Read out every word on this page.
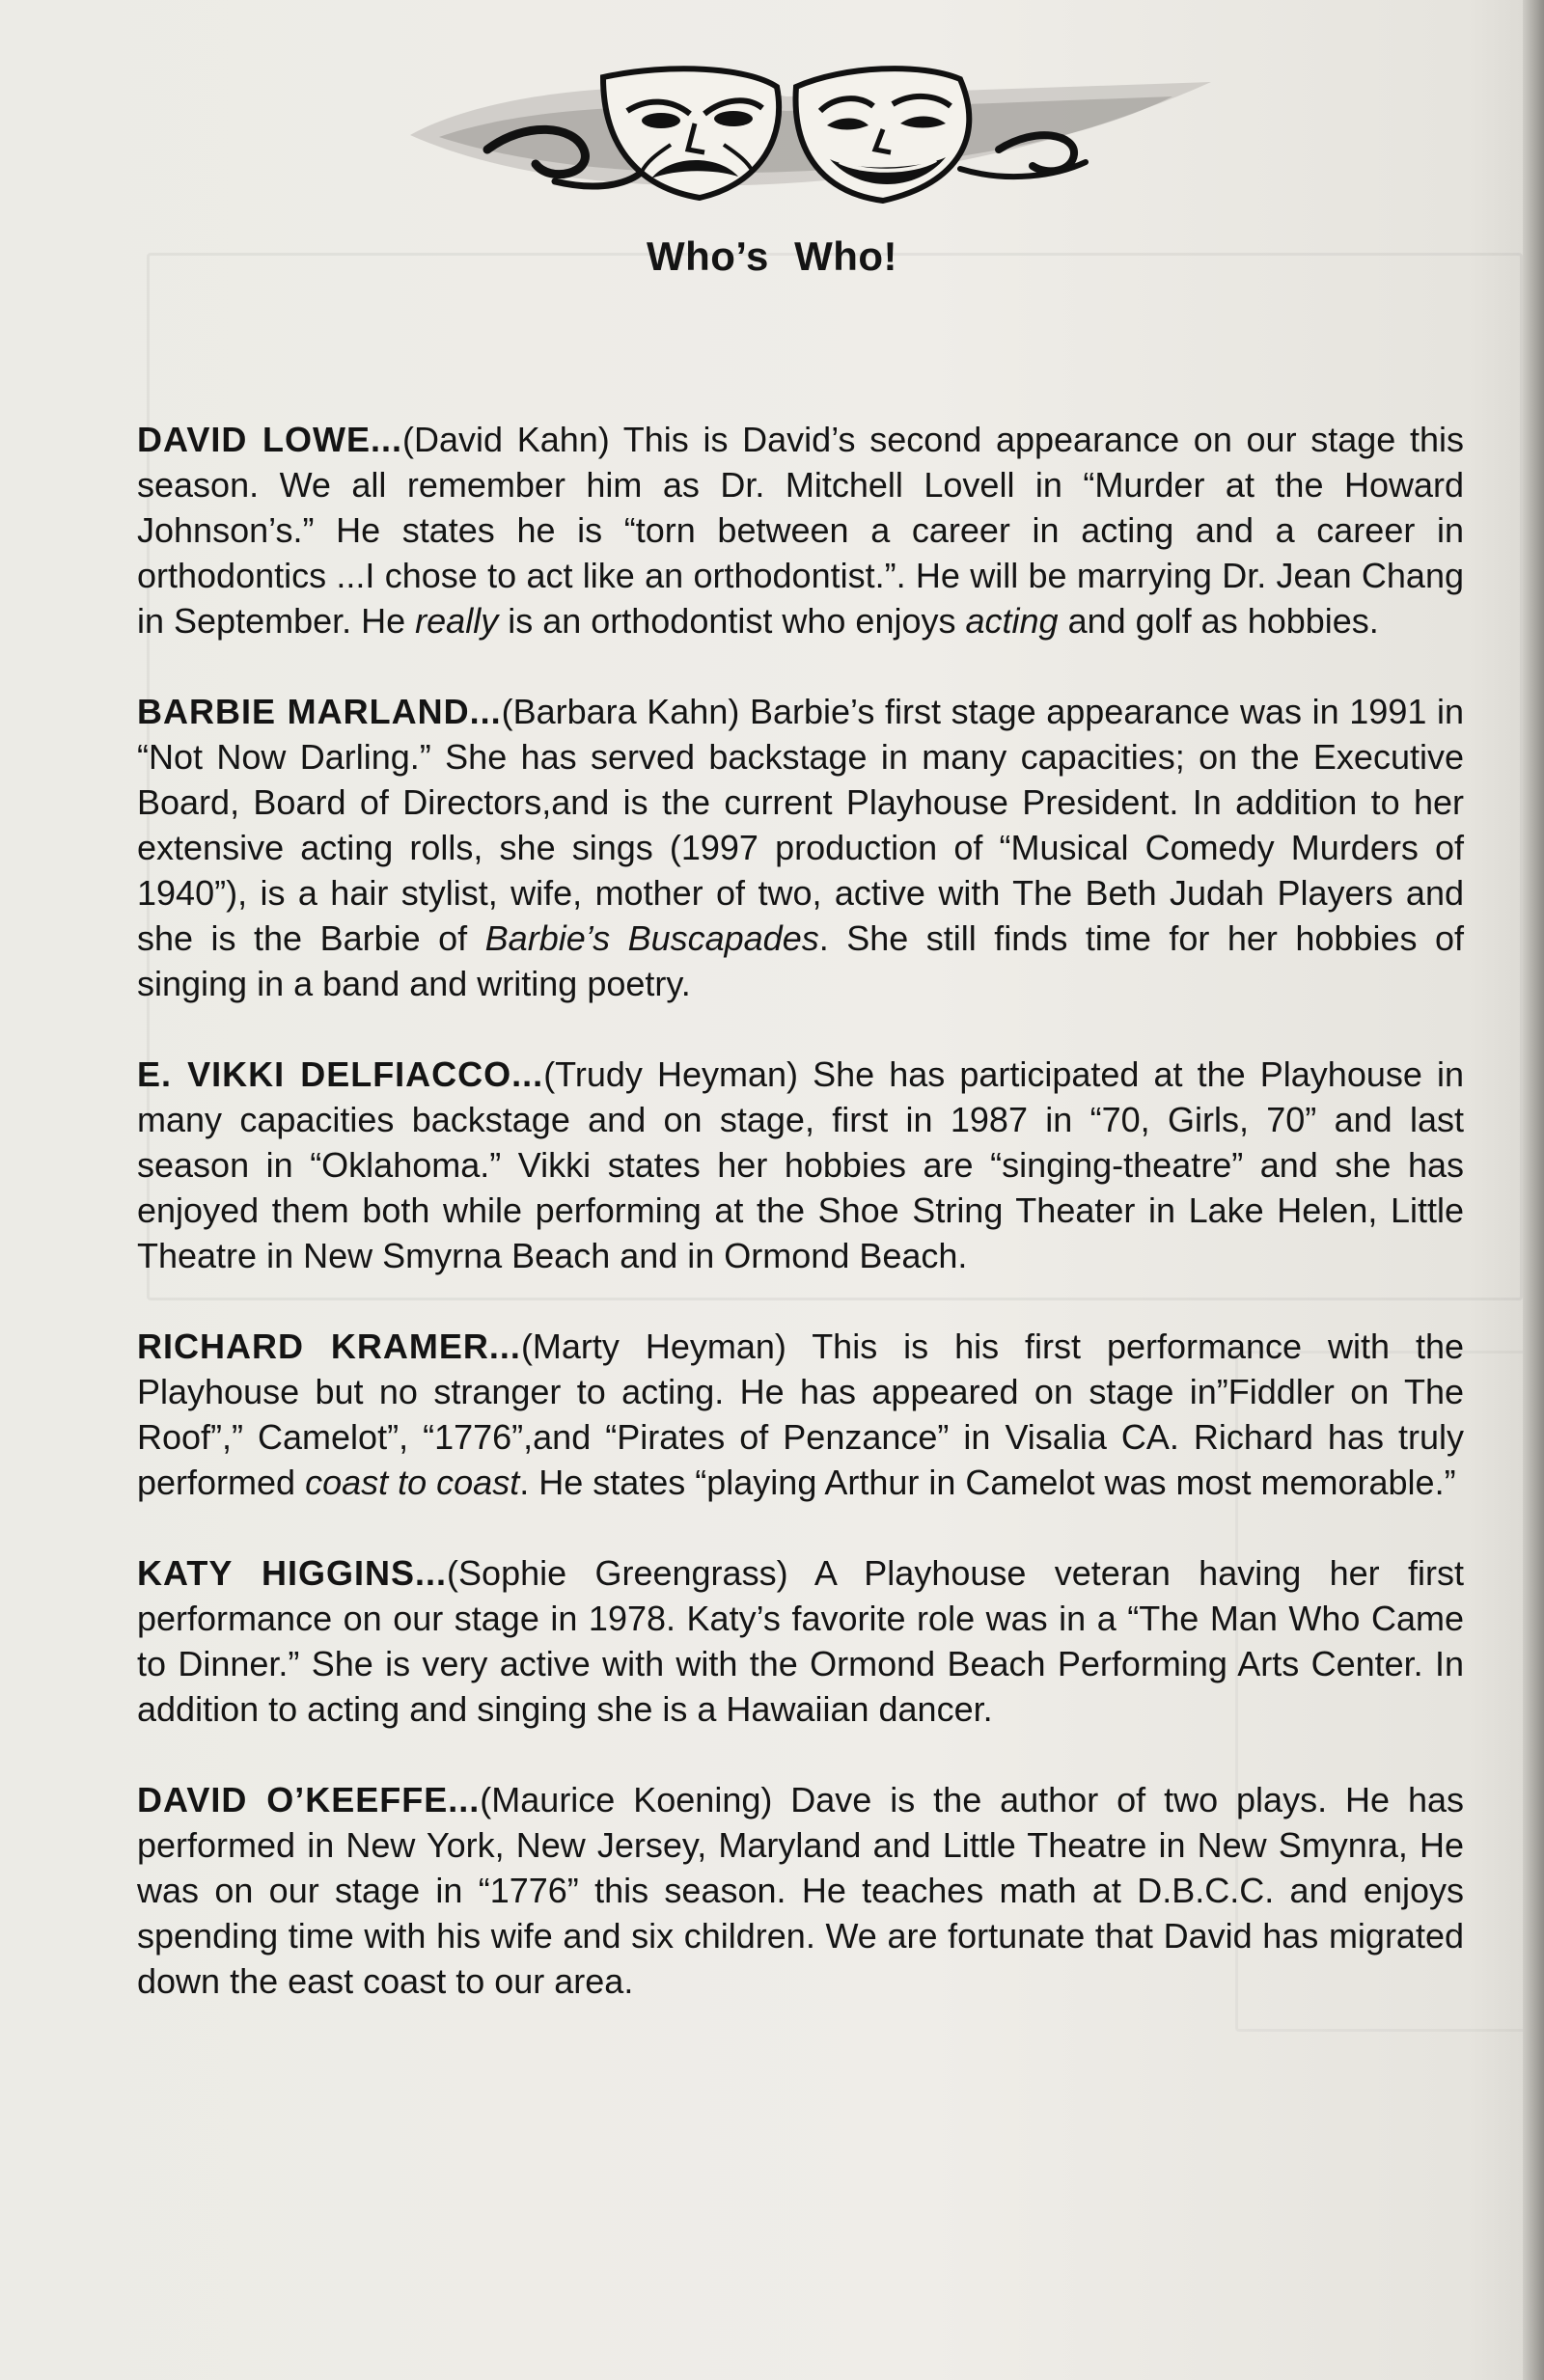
Who’s Who!

DAVID LOWE...(David Kahn) This is David’s second appearance on our stage this season. We all remember him as Dr. Mitchell Lovell in “Murder at the Howard Johnson’s.” He states he is “torn between a career in acting and a career in orthodontics ...I chose to act like an orthodontist.”. He will be marrying Dr. Jean Chang in September. He really is an orthodontist who enjoys acting and golf as hobbies.

BARBIE MARLAND...(Barbara Kahn) Barbie’s first stage appearance was in 1991 in “Not Now Darling.” She has served backstage in many capacities; on the Executive Board, Board of Directors,and is the current Playhouse President. In addition to her extensive acting rolls, she sings (1997 production of “Musical Comedy Murders of 1940”), is a hair stylist, wife, mother of two, active with The Beth Judah Players and she is the Barbie of Barbie’s Buscapades. She still finds time for her hobbies of singing in a band and writing poetry.

E. VIKKI DELFIACCO...(Trudy Heyman) She has participated at the Playhouse in many capacities backstage and on stage, first in 1987 in “70, Girls, 70” and last season in “Oklahoma.” Vikki states her hobbies are “singing-theatre” and she has enjoyed them both while performing at the Shoe String Theater in Lake Helen, Little Theatre in New Smyrna Beach and in Ormond Beach.

RICHARD KRAMER...(Marty Heyman) This is his first performance with the Playhouse but no stranger to acting. He has appeared on stage in”Fiddler on The Roof”,” Camelot”, “1776”,and “Pirates of Penzance” in Visalia CA. Richard has truly performed coast to coast. He states “playing Arthur in Camelot was most memorable.”

KATY HIGGINS...(Sophie Greengrass) A Playhouse veteran having her first performance on our stage in 1978. Katy’s favorite role was in a “The Man Who Came to Dinner.” She is very active with with the Ormond Beach Performing Arts Center. In addition to acting and singing she is a Hawaiian dancer.

DAVID O’KEEFFE...(Maurice Koening) Dave is the author of two plays. He has performed in New York, New Jersey, Maryland and Little Theatre in New Smynra, He was on our stage in “1776” this season. He teaches math at D.B.C.C. and enjoys spending time with his wife and six children. We are fortunate that David has migrated down the east coast to our area.
